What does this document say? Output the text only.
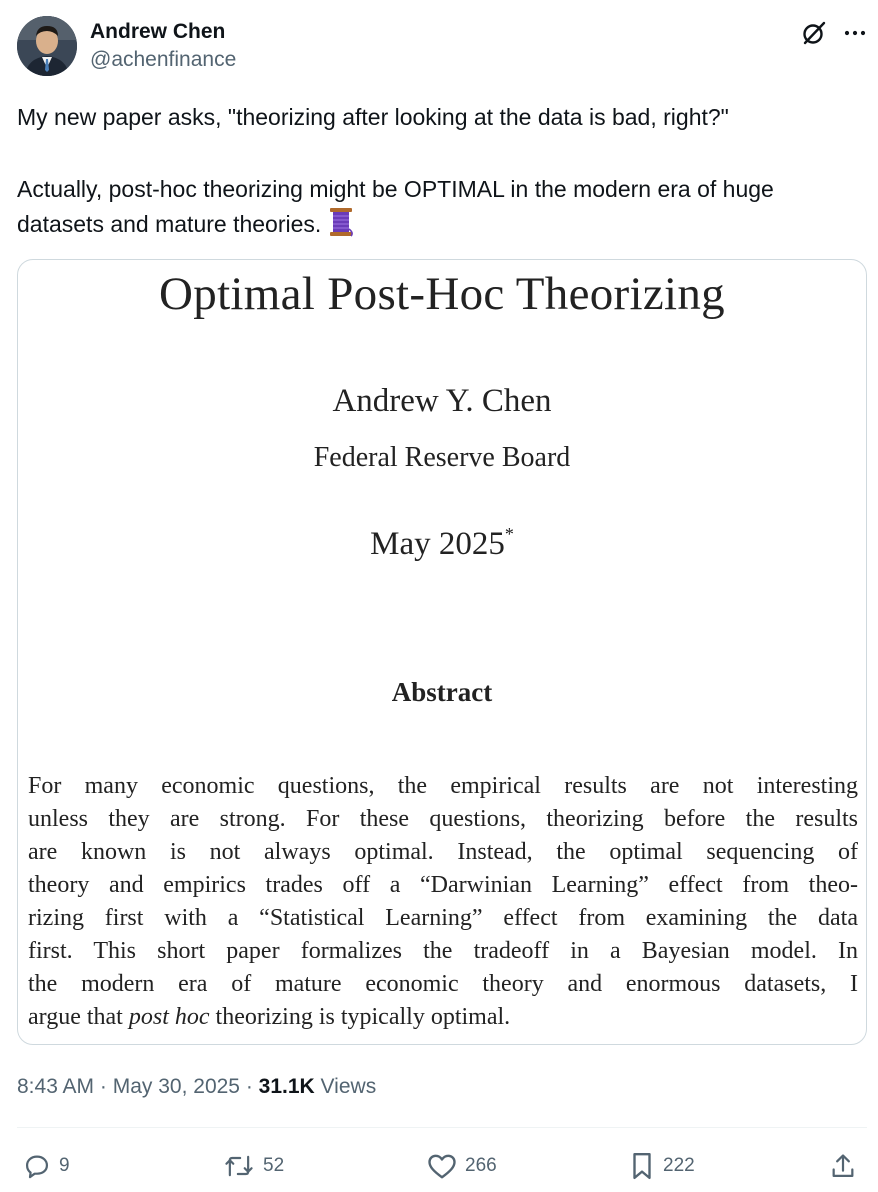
Andrew Chen
@achenfinance

My new paper asks, "theorizing after looking at the data is bad, right?"

Actually, post-hoc theorizing might be OPTIMAL in the modern era of huge datasets and mature theories.

Optimal Post-Hoc Theorizing
Andrew Y. Chen
Federal Reserve Board
May 2025*
Abstract
For many economic questions, the empirical results are not interesting
unless they are strong. For these questions, theorizing before the results
are known is not always optimal. Instead, the optimal sequencing of
theory and empirics trades off a “Darwinian Learning” effect from theo-
rizing first with a “Statistical Learning” effect from examining the data
first. This short paper formalizes the tradeoff in a Bayesian model. In
the modern era of mature economic theory and enormous datasets, I
argue that post hoc theorizing is typically optimal.
8:43 AM · May 30, 2025 · 31.1K Views
9	52	266	222
